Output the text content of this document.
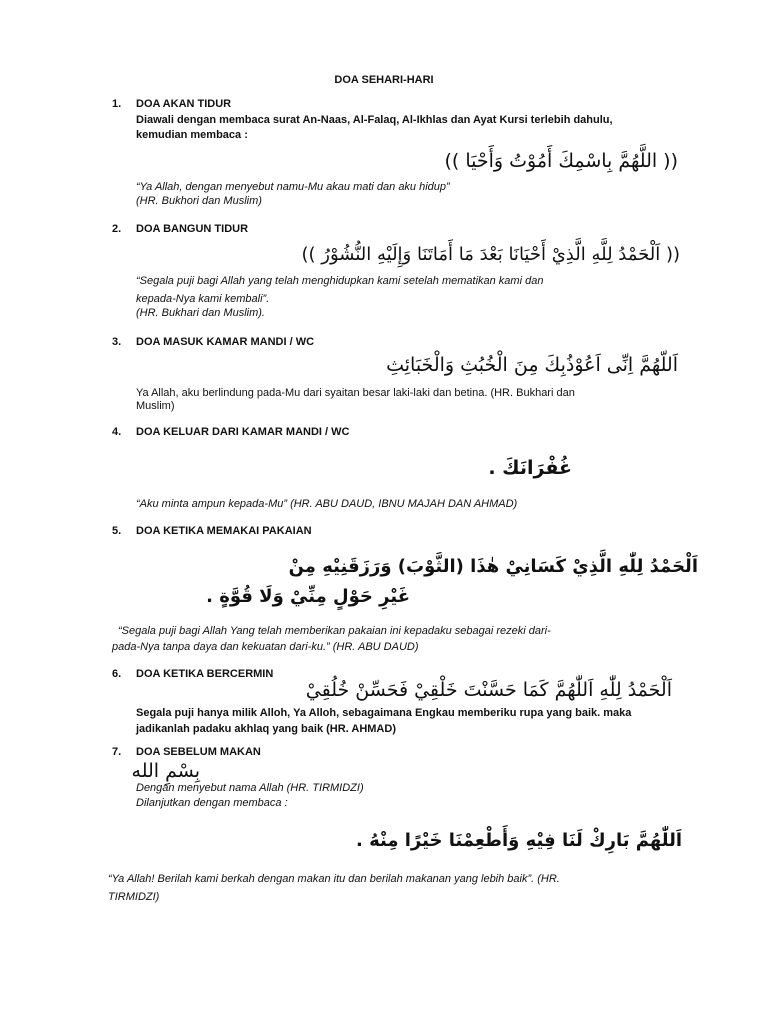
DOA SEHARI-HARI
1. DOA AKAN TIDUR
Diawali dengan membaca surat An-Naas, Al-Falaq, Al-Ikhlas dan Ayat Kursi terlebih dahulu,
kemudian membaca :
(( اللَّهُمَّ بِاسْمِكَ أَمُوْتُ وَأَحْيَا ))
“Ya Allah, dengan menyebut namu-Mu akau mati dan aku hidup”
(HR. Bukhori dan Muslim)
2. DOA BANGUN TIDUR
(( اَلْحَمْدُ لِلَّهِ الَّذِيْ أَحْيَانَا بَعْدَ مَا أَمَاتَنَا وَإِلَيْهِ النُّشُوْرُ ))
“Segala puji bagi Allah yang telah menghidupkan kami setelah mematikan kami dan
kepada-Nya kami kembali”.
(HR. Bukhari dan Muslim).
3. DOA MASUK KAMAR MANDI / WC
اَللّهُمَّ اِنِّى اَعُوْذُبِكَ مِنَ الْخُبُثِ وَالْخَبَائِثِ
Ya Allah, aku berlindung pada-Mu dari syaitan besar laki-laki dan betina. (HR. Bukhari dan
Muslim)
4. DOA KELUAR DARI KAMAR MANDI / WC
غُفْرَانَكَ .
“Aku minta ampun kepada-Mu” (HR. ABU DAUD, IBNU MAJAH DAN AHMAD)
5. DOA KETIKA MEMAKAI PAKAIAN
اَلْحَمْدُ لِلّٰهِ الَّذِيْ كَسَانِيْ هٰذَا (الثَّوْبَ) وَرَزَقَنِيْهِ مِنْ
غَيْرِ حَوْلٍ مِنِّيْ وَلَا قُوَّةٍ .
“Segala puji bagi Allah Yang telah memberikan pakaian ini kepadaku sebagai rezeki dari-
pada-Nya tanpa daya dan kekuatan dari-ku.” (HR. ABU DAUD)
6. DOA KETIKA BERCERMIN
اَلْحَمْدُ لِلّٰهِ اَللّٰهُمَّ كَمَا حَسَّنْتَ خَلْقِيْ فَحَسِّنْ خُلُقِيْ
Segala puji hanya milik Alloh, Ya Alloh, sebagaimana Engkau memberiku rupa yang baik. maka
jadikanlah padaku akhlaq yang baik (HR. AHMAD)
7. DOA SEBELUM MAKAN
بِسْمِ الله
Dengan menyebut nama Allah (HR. TIRMIDZI)
Dilanjutkan dengan membaca :
اَللّٰهُمَّ بَارِكْ لَنَا فِيْهِ وَأَطْعِمْنَا خَيْرًا مِنْهُ .
“Ya Allah! Berilah kami berkah dengan makan itu dan berilah makanan yang lebih baik”. (HR.
TIRMIDZI)
